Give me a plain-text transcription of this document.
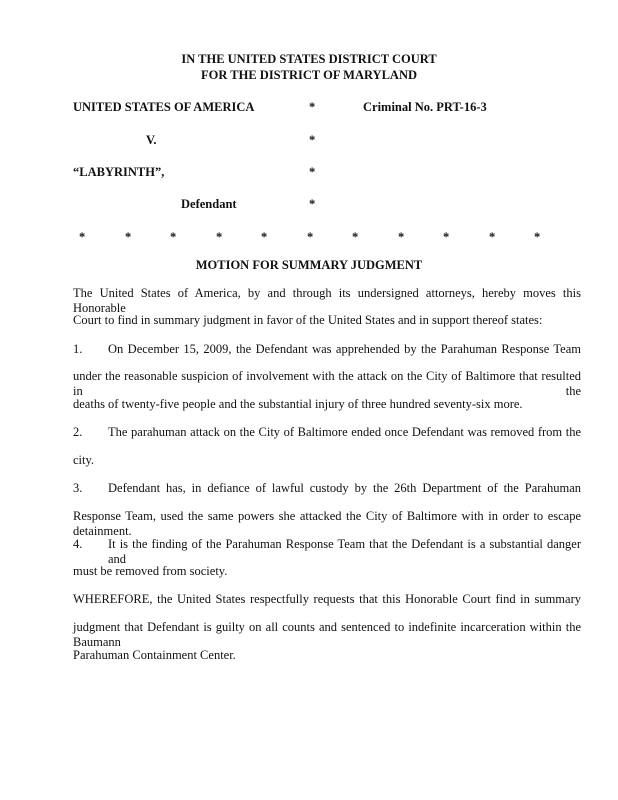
IN THE UNITED STATES DISTRICT COURT
FOR THE DISTRICT OF MARYLAND
UNITED STATES OF AMERICA	Criminal No. PRT-16-3
V.
“LABYRINTH”,
Defendant
*
*
*
*
*	*	*	*	*	*	*	*	*	*	*
MOTION FOR SUMMARY JUDGMENT
The United States of America, by and through its undersigned attorneys, hereby moves this Honorable
Court to find in summary judgment in favor of the United States and in support thereof states:
1. On December 15, 2009, the Defendant was apprehended by the Parahuman Response Team
under the reasonable suspicion of involvement with the attack on the City of Baltimore that resulted in the
deaths of twenty-five people and the substantial injury of three hundred seventy-six more.
2. The parahuman attack on the City of Baltimore ended once Defendant was removed from the
city.
3. Defendant has, in defiance of lawful custody by the 26th Department of the Parahuman
Response Team, used the same powers she attacked the City of Baltimore with in order to escape detainment.
4. It is the finding of the Parahuman Response Team that the Defendant is a substantial danger and
must be removed from society.
WHEREFORE, the United States respectfully requests that this Honorable Court find in summary
judgment that Defendant is guilty on all counts and sentenced to indefinite incarceration within the Baumann
Parahuman Containment Center.
